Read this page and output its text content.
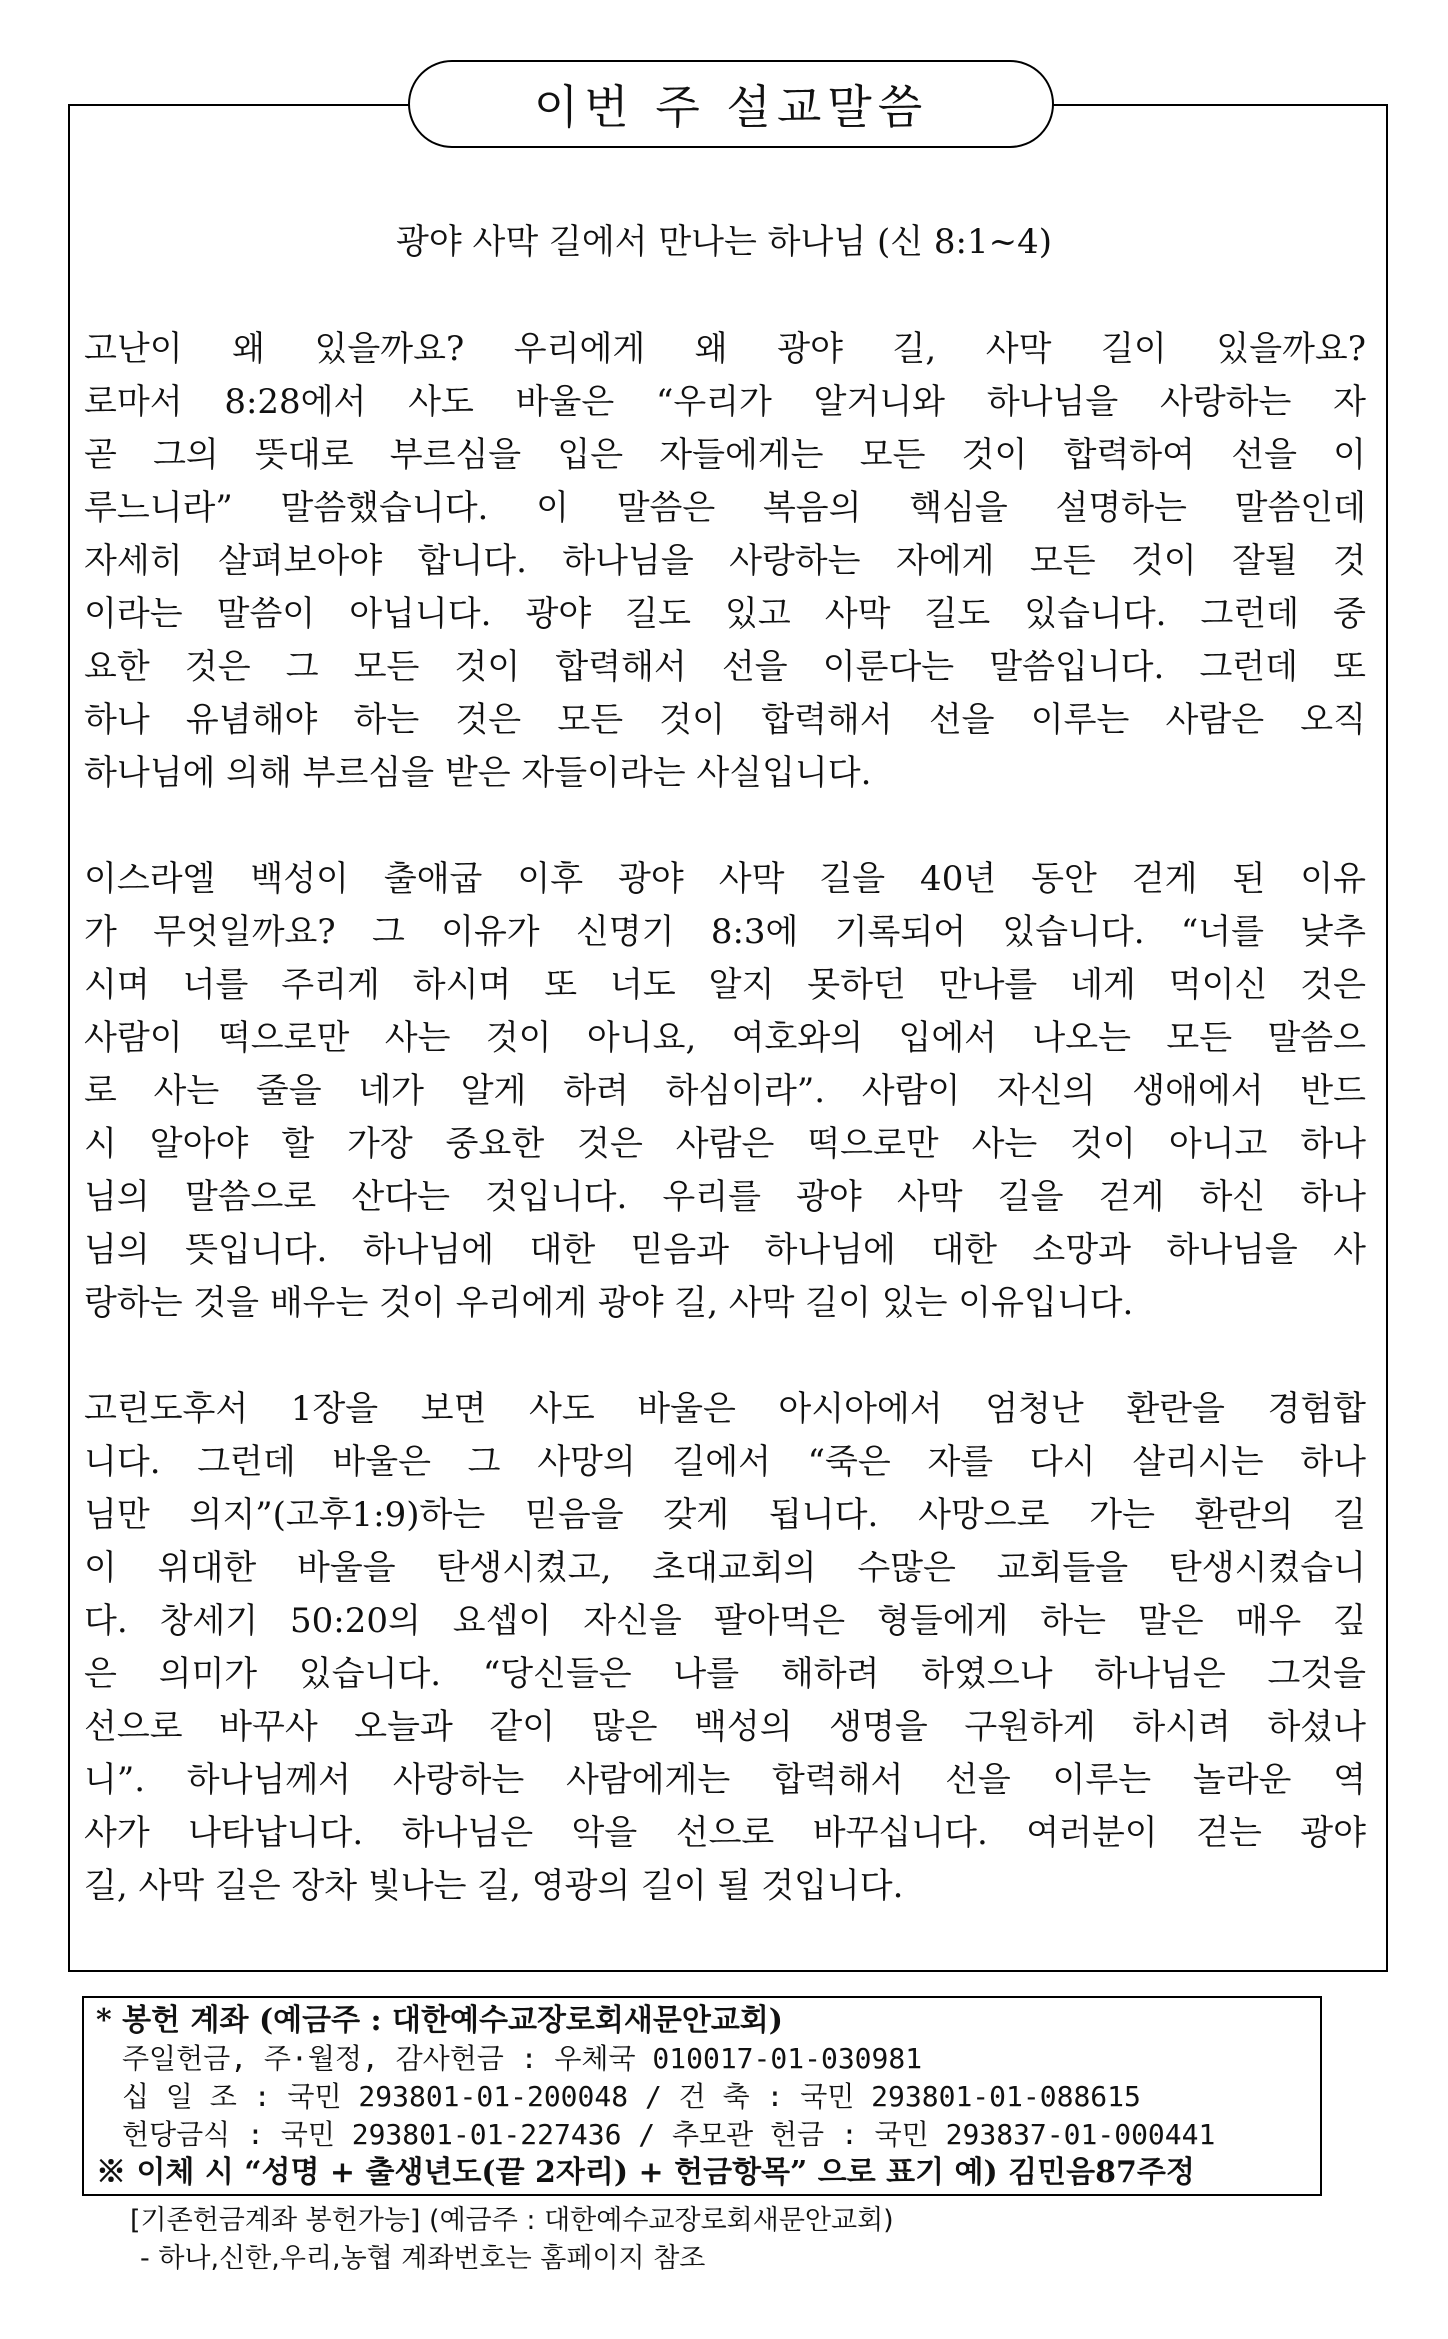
이번 주 설교말씀
광야 사막 길에서 만나는 하나님 (신 8:1~4)
고난이 왜 있을까요? 우리에게 왜 광야 길, 사막 길이 있을까요?
로마서 8:28에서 사도 바울은 “우리가 알거니와 하나님을 사랑하는 자
곧 그의 뜻대로 부르심을 입은 자들에게는 모든 것이 합력하여 선을 이
루느니라” 말씀했습니다. 이 말씀은 복음의 핵심을 설명하는 말씀인데
자세히 살펴보아야 합니다. 하나님을 사랑하는 자에게 모든 것이 잘될 것
이라는 말씀이 아닙니다. 광야 길도 있고 사막 길도 있습니다. 그런데 중
요한 것은 그 모든 것이 합력해서 선을 이룬다는 말씀입니다. 그런데 또
하나 유념해야 하는 것은 모든 것이 합력해서 선을 이루는 사람은 오직
하나님에 의해 부르심을 받은 자들이라는 사실입니다.
이스라엘 백성이 출애굽 이후 광야 사막 길을 40년 동안 걷게 된 이유
가 무엇일까요? 그 이유가 신명기 8:3에 기록되어 있습니다. “너를 낮추
시며 너를 주리게 하시며 또 너도 알지 못하던 만나를 네게 먹이신 것은
사람이 떡으로만 사는 것이 아니요, 여호와의 입에서 나오는 모든 말씀으
로 사는 줄을 네가 알게 하려 하심이라”. 사람이 자신의 생애에서 반드
시 알아야 할 가장 중요한 것은 사람은 떡으로만 사는 것이 아니고 하나
님의 말씀으로 산다는 것입니다. 우리를 광야 사막 길을 걷게 하신 하나
님의 뜻입니다. 하나님에 대한 믿음과 하나님에 대한 소망과 하나님을 사
랑하는 것을 배우는 것이 우리에게 광야 길, 사막 길이 있는 이유입니다.
고린도후서 1장을 보면 사도 바울은 아시아에서 엄청난 환란을 경험합
니다. 그런데 바울은 그 사망의 길에서 “죽은 자를 다시 살리시는 하나
님만 의지”(고후1:9)하는 믿음을 갖게 됩니다. 사망으로 가는 환란의 길
이 위대한 바울을 탄생시켰고, 초대교회의 수많은 교회들을 탄생시켰습니
다. 창세기 50:20의 요셉이 자신을 팔아먹은 형들에게 하는 말은 매우 깊
은 의미가 있습니다. “당신들은 나를 해하려 하였으나 하나님은 그것을
선으로 바꾸사 오늘과 같이 많은 백성의 생명을 구원하게 하시려 하셨나
니”. 하나님께서 사랑하는 사람에게는 합력해서 선을 이루는 놀라운 역
사가 나타납니다. 하나님은 악을 선으로 바꾸십니다. 여러분이 걷는 광야
길, 사막 길은 장차 빛나는 길, 영광의 길이 될 것입니다.
* 봉헌 계좌 (예금주 : 대한예수교장로회새문안교회)
주일헌금, 주·월정, 감사헌금 : 우체국 010017-01-030981
십 일 조 : 국민 293801-01-200048 / 건 축 : 국민 293801-01-088615
헌당금식 : 국민 293801-01-227436 / 추모관 헌금 : 국민 293837-01-000441
※ 이체 시 “성명 + 출생년도(끝 2자리) + 헌금항목” 으로 표기 예) 김민음87주정
[기존헌금계좌 봉헌가능] (예금주 : 대한예수교장로회새문안교회)
- 하나,신한,우리,농협 계좌번호는 홈페이지 참조
